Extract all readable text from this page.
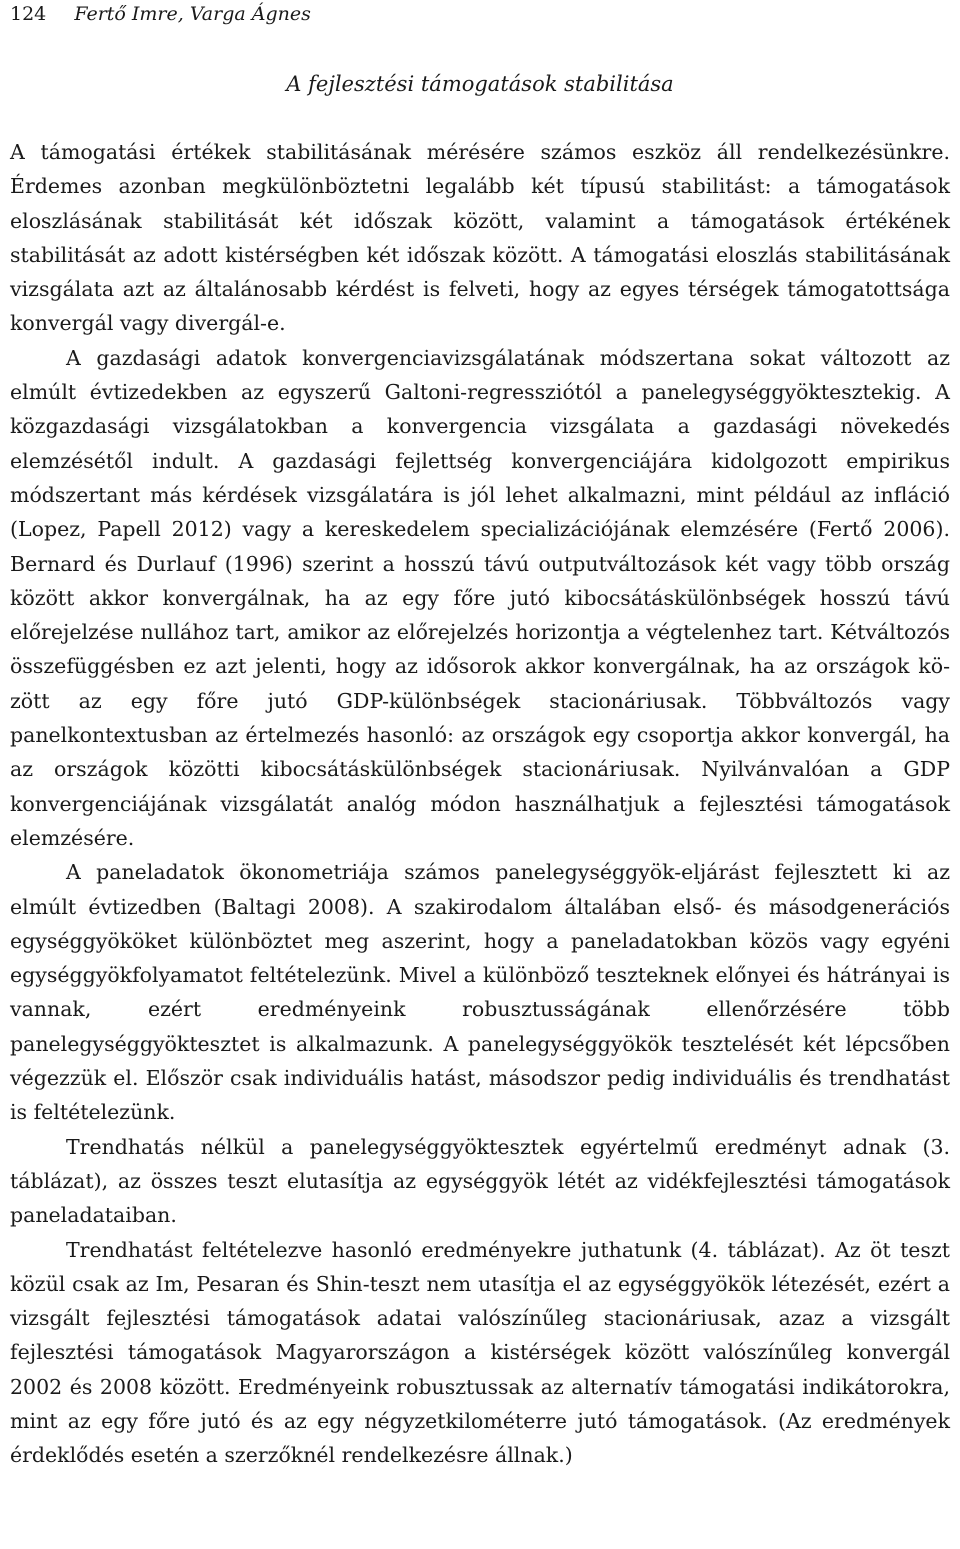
124 Fertő Imre, Varga Ágnes
A fejlesztési támogatások stabilitása

A támogatási értékek stabilitásának mérésére számos eszköz áll rendelkezésünkre. Érdemes azonban megkülönböztetni legalább két típusú stabilitást: a támogatások eloszlásának stabilitását két időszak között, valamint a támogatások értékének stabilitását az adott kistérségben két időszak között. A támogatási eloszlás stabilitásának vizsgálata azt az általánosabb kérdést is felveti, hogy az egyes térségek támogatottsága konvergál vagy divergál-e.

A gazdasági adatok konvergenciavizsgálatának módszertana sokat változott az elmúlt évtizedekben az egyszerű Galtoni-regressziótól a panelegységgyöktesztekig. A közgazdasági vizsgálatokban a konvergencia vizsgálata a gazdasági növekedés elemzésétől indult. A gazdasági fejlettség konvergenciájára kidolgozott empirikus módszertant más kérdések vizsgálatára is jól lehet alkalmazni, mint például az infláció (Lopez, Papell 2012) vagy a kereskedelem specializációjának elemzésére (Fertő 2006). Bernard és Durlauf (1996) szerint a hosszú távú outputváltozások két vagy több ország között akkor konvergálnak, ha az egy főre jutó kibocsátáskülönbségek hosszú távú előrejelzése nullához tart, amikor az előrejelzés horizontja a végtelenhez tart. Kétváltozós összefüggésben ez azt jelenti, hogy az idősorok akkor konvergálnak, ha az országok között az egy főre jutó GDP-különbségek stacionáriusak. Többváltozós vagy panelkontextusban az értelmezés hasonló: az országok egy csoportja akkor konvergál, ha az országok közötti kibocsátáskülönbségek stacionáriusak. Nyilvánvalóan a GDP konvergenciájának vizsgálatát analóg módon használhatjuk a fejlesztési támogatások elemzésére.

A paneladatok ökonometriája számos panelegységgyök-eljárást fejlesztett ki az elmúlt évtizedben (Baltagi 2008). A szakirodalom általában első- és másodgenerációs egységgyököket különböztet meg aszerint, hogy a paneladatokban közös vagy egyéni egységgyökfolyamatot feltételezünk. Mivel a különböző teszteknek előnyei és hátrányai is vannak, ezért eredményeink robusztusságának ellenőrzésére több panelegységgyöktesztet is alkalmazunk. A panelegységgyökök tesztelését két lépcsőben végezzük el. Először csak individuális hatást, másodszor pedig individuális és trendhatást is feltételezünk.

Trendhatás nélkül a panelegységgyöktesztek egyértelmű eredményt adnak (3. táblázat), az összes teszt elutasítja az egységgyök létét az vidékfejlesztési támogatások paneladataiban.

Trendhatást feltételezve hasonló eredményekre juthatunk (4. táblázat). Az öt teszt közül csak az Im, Pesaran és Shin-teszt nem utasítja el az egységgyökök létezését, ezért a vizsgált fejlesztési támogatások adatai valószínűleg stacionáriusak, azaz a vizsgált fejlesztési támogatások Magyarországon a kistérségek között valószínűleg konvergál 2002 és 2008 között. Eredményeink robusztussak az alternatív támogatási indikátorokra, mint az egy főre jutó és az egy négyzetkilométerre jutó támogatások. (Az eredmények érdeklődés esetén a szerzőknél rendelkezésre állnak.)
